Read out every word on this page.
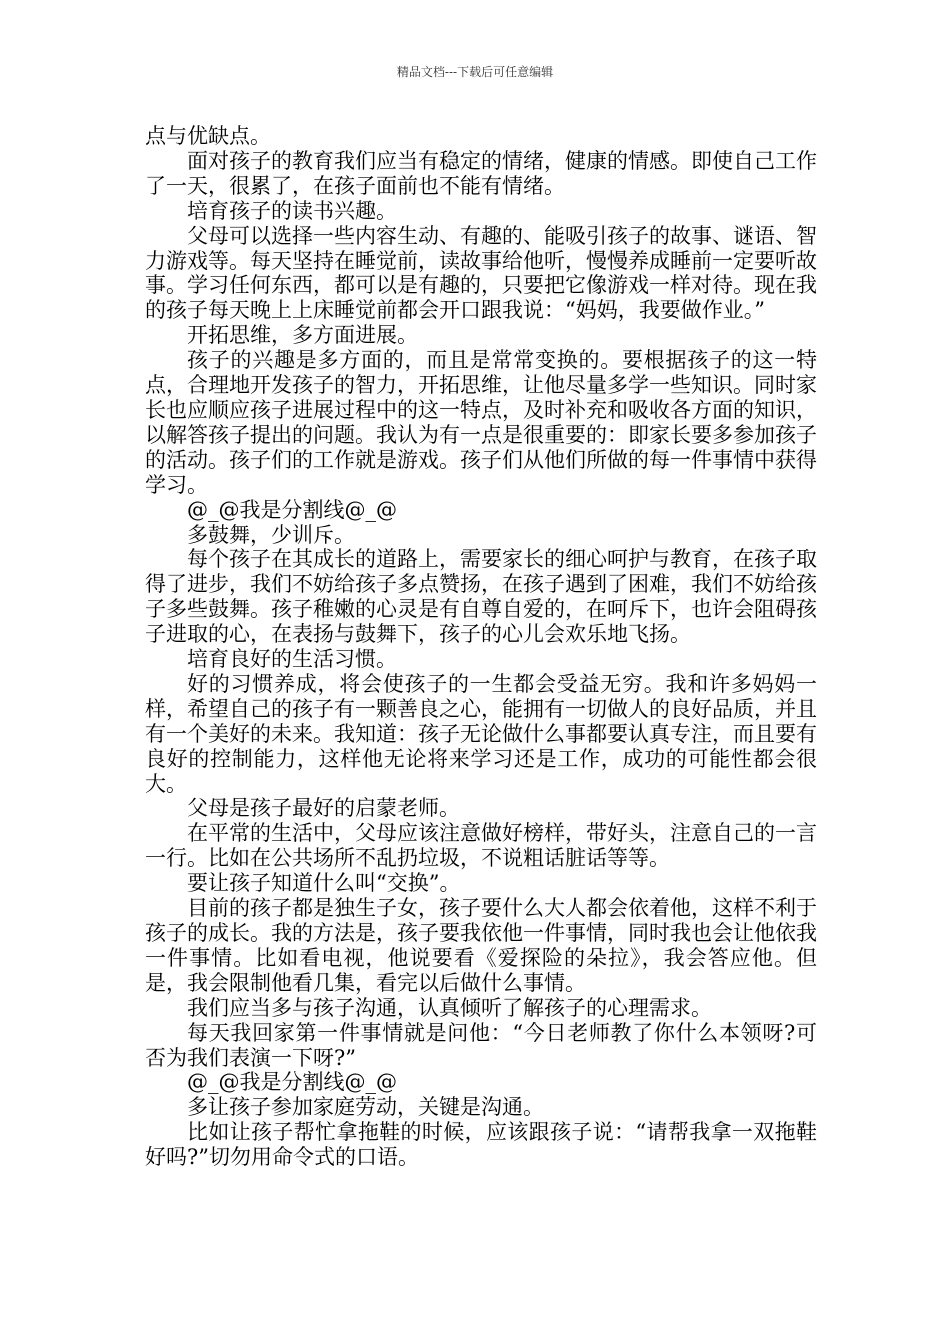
精品文档---下载后可任意编辑

点与优缺点。

面对孩子的教育我们应当有稳定的情绪，健康的情感。即使自己工作了一天，很累了，在孩子面前也不能有情绪。

培育孩子的读书兴趣。

父母可以选择一些内容生动、有趣的、能吸引孩子的故事、谜语、智力游戏等。每天坚持在睡觉前，读故事给他听，慢慢养成睡前一定要听故事。学习任何东西，都可以是有趣的，只要把它像游戏一样对待。现在我的孩子每天晚上上床睡觉前都会开口跟我说：“妈妈，我要做作业。”

开拓思维，多方面进展。

孩子的兴趣是多方面的，而且是常常变换的。要根据孩子的这一特点，合理地开发孩子的智力，开拓思维，让他尽量多学一些知识。同时家长也应顺应孩子进展过程中的这一特点，及时补充和吸收各方面的知识，以解答孩子提出的问题。我认为有一点是很重要的：即家长要多参加孩子的活动。孩子们的工作就是游戏。孩子们从他们所做的每一件事情中获得学习。

@_@我是分割线@_@

多鼓舞，少训斥。

每个孩子在其成长的道路上，需要家长的细心呵护与教育，在孩子取得了进步，我们不妨给孩子多点赞扬，在孩子遇到了困难，我们不妨给孩子多些鼓舞。孩子稚嫩的心灵是有自尊自爱的，在呵斥下，也许会阻碍孩子进取的心，在表扬与鼓舞下，孩子的心儿会欢乐地飞扬。

培育良好的生活习惯。

好的习惯养成，将会使孩子的一生都会受益无穷。我和许多妈妈一样，希望自己的孩子有一颗善良之心，能拥有一切做人的良好品质，并且有一个美好的未来。我知道：孩子无论做什么事都要认真专注，而且要有良好的控制能力，这样他无论将来学习还是工作，成功的可能性都会很大。

父母是孩子最好的启蒙老师。

在平常的生活中，父母应该注意做好榜样，带好头，注意自己的一言一行。比如在公共场所不乱扔垃圾，不说粗话脏话等等。

要让孩子知道什么叫“交换”。

目前的孩子都是独生子女，孩子要什么大人都会依着他，这样不利于孩子的成长。我的方法是，孩子要我依他一件事情，同时我也会让他依我一件事情。比如看电视，他说要看《爱探险的朵拉》，我会答应他。但是，我会限制他看几集，看完以后做什么事情。

我们应当多与孩子沟通，认真倾听了解孩子的心理需求。

每天我回家第一件事情就是问他：“今日老师教了你什么本领呀?可否为我们表演一下呀?”

@_@我是分割线@_@

多让孩子参加家庭劳动，关键是沟通。

比如让孩子帮忙拿拖鞋的时候，应该跟孩子说：“请帮我拿一双拖鞋好吗?”切勿用命令式的口语。
